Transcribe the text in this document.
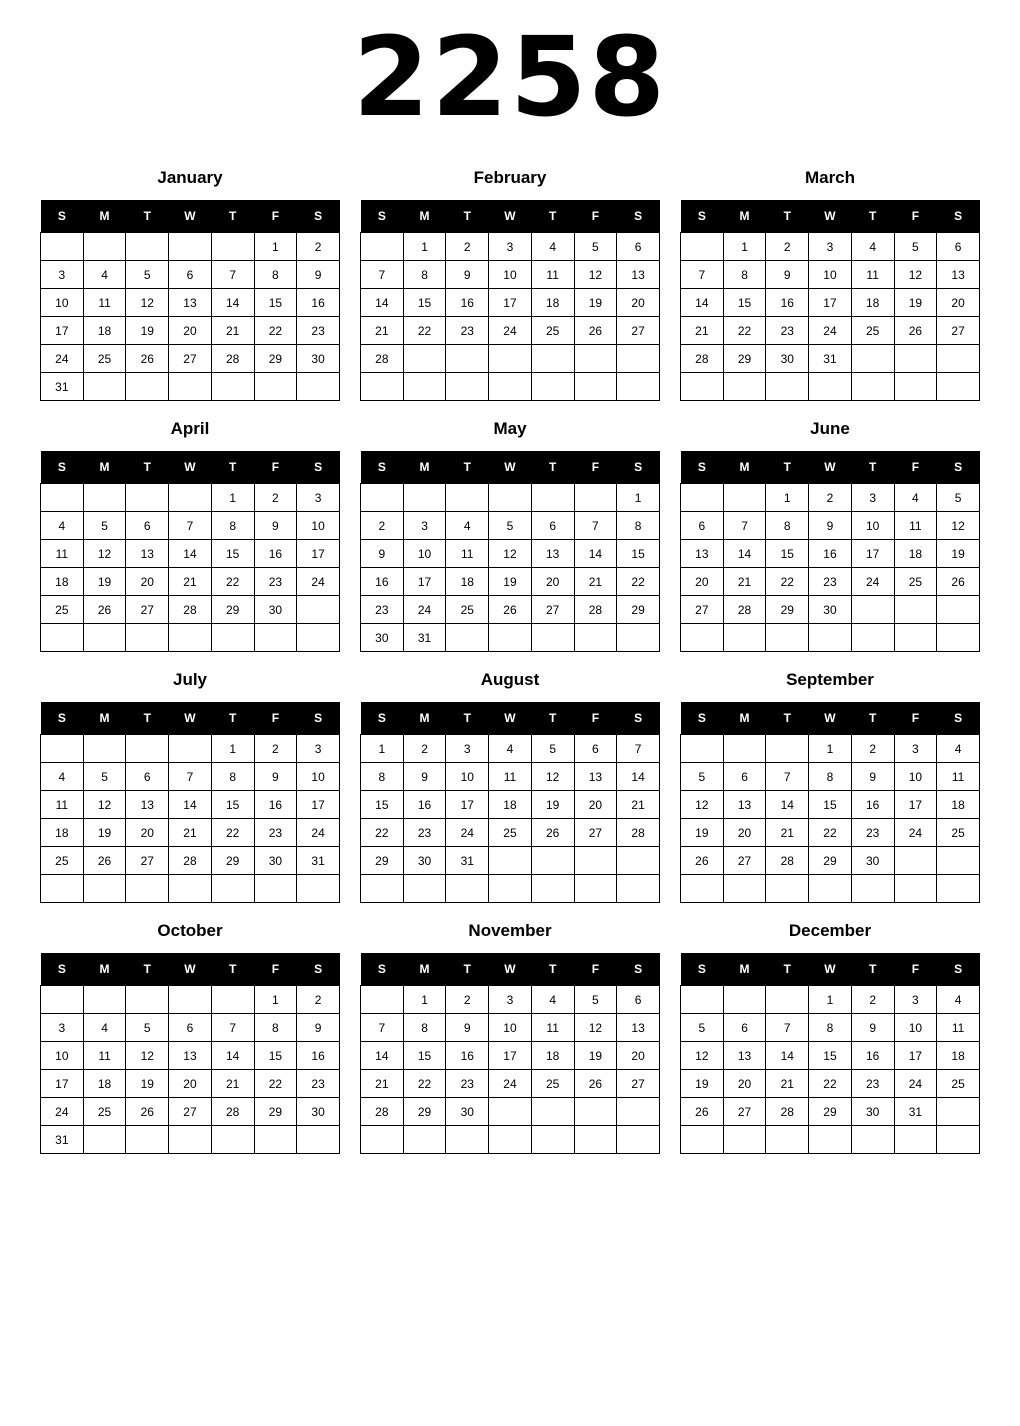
2258
January
S	M	T	W	T	F	S
					1	2
3	4	5	6	7	8	9
10	11	12	13	14	15	16
17	18	19	20	21	22	23
24	25	26	27	28	29	30
31						
February
S	M	T	W	T	F	S
	1	2	3	4	5	6
7	8	9	10	11	12	13
14	15	16	17	18	19	20
21	22	23	24	25	26	27
28						

March
S	M	T	W	T	F	S
	1	2	3	4	5	6
7	8	9	10	11	12	13
14	15	16	17	18	19	20
21	22	23	24	25	26	27
28	29	30	31			

April
S	M	T	W	T	F	S
				1	2	3
4	5	6	7	8	9	10
11	12	13	14	15	16	17
18	19	20	21	22	23	24
25	26	27	28	29	30	

May
S	M	T	W	T	F	S
						1
2	3	4	5	6	7	8
9	10	11	12	13	14	15
16	17	18	19	20	21	22
23	24	25	26	27	28	29
30	31					
June
S	M	T	W	T	F	S
		1	2	3	4	5
6	7	8	9	10	11	12
13	14	15	16	17	18	19
20	21	22	23	24	25	26
27	28	29	30			

July
S	M	T	W	T	F	S
				1	2	3
4	5	6	7	8	9	10
11	12	13	14	15	16	17
18	19	20	21	22	23	24
25	26	27	28	29	30	31

August
S	M	T	W	T	F	S
1	2	3	4	5	6	7
8	9	10	11	12	13	14
15	16	17	18	19	20	21
22	23	24	25	26	27	28
29	30	31				

September
S	M	T	W	T	F	S
			1	2	3	4
5	6	7	8	9	10	11
12	13	14	15	16	17	18
19	20	21	22	23	24	25
26	27	28	29	30		

October
S	M	T	W	T	F	S
					1	2
3	4	5	6	7	8	9
10	11	12	13	14	15	16
17	18	19	20	21	22	23
24	25	26	27	28	29	30
31						
November
S	M	T	W	T	F	S
	1	2	3	4	5	6
7	8	9	10	11	12	13
14	15	16	17	18	19	20
21	22	23	24	25	26	27
28	29	30				

December
S	M	T	W	T	F	S
			1	2	3	4
5	6	7	8	9	10	11
12	13	14	15	16	17	18
19	20	21	22	23	24	25
26	27	28	29	30	31	
